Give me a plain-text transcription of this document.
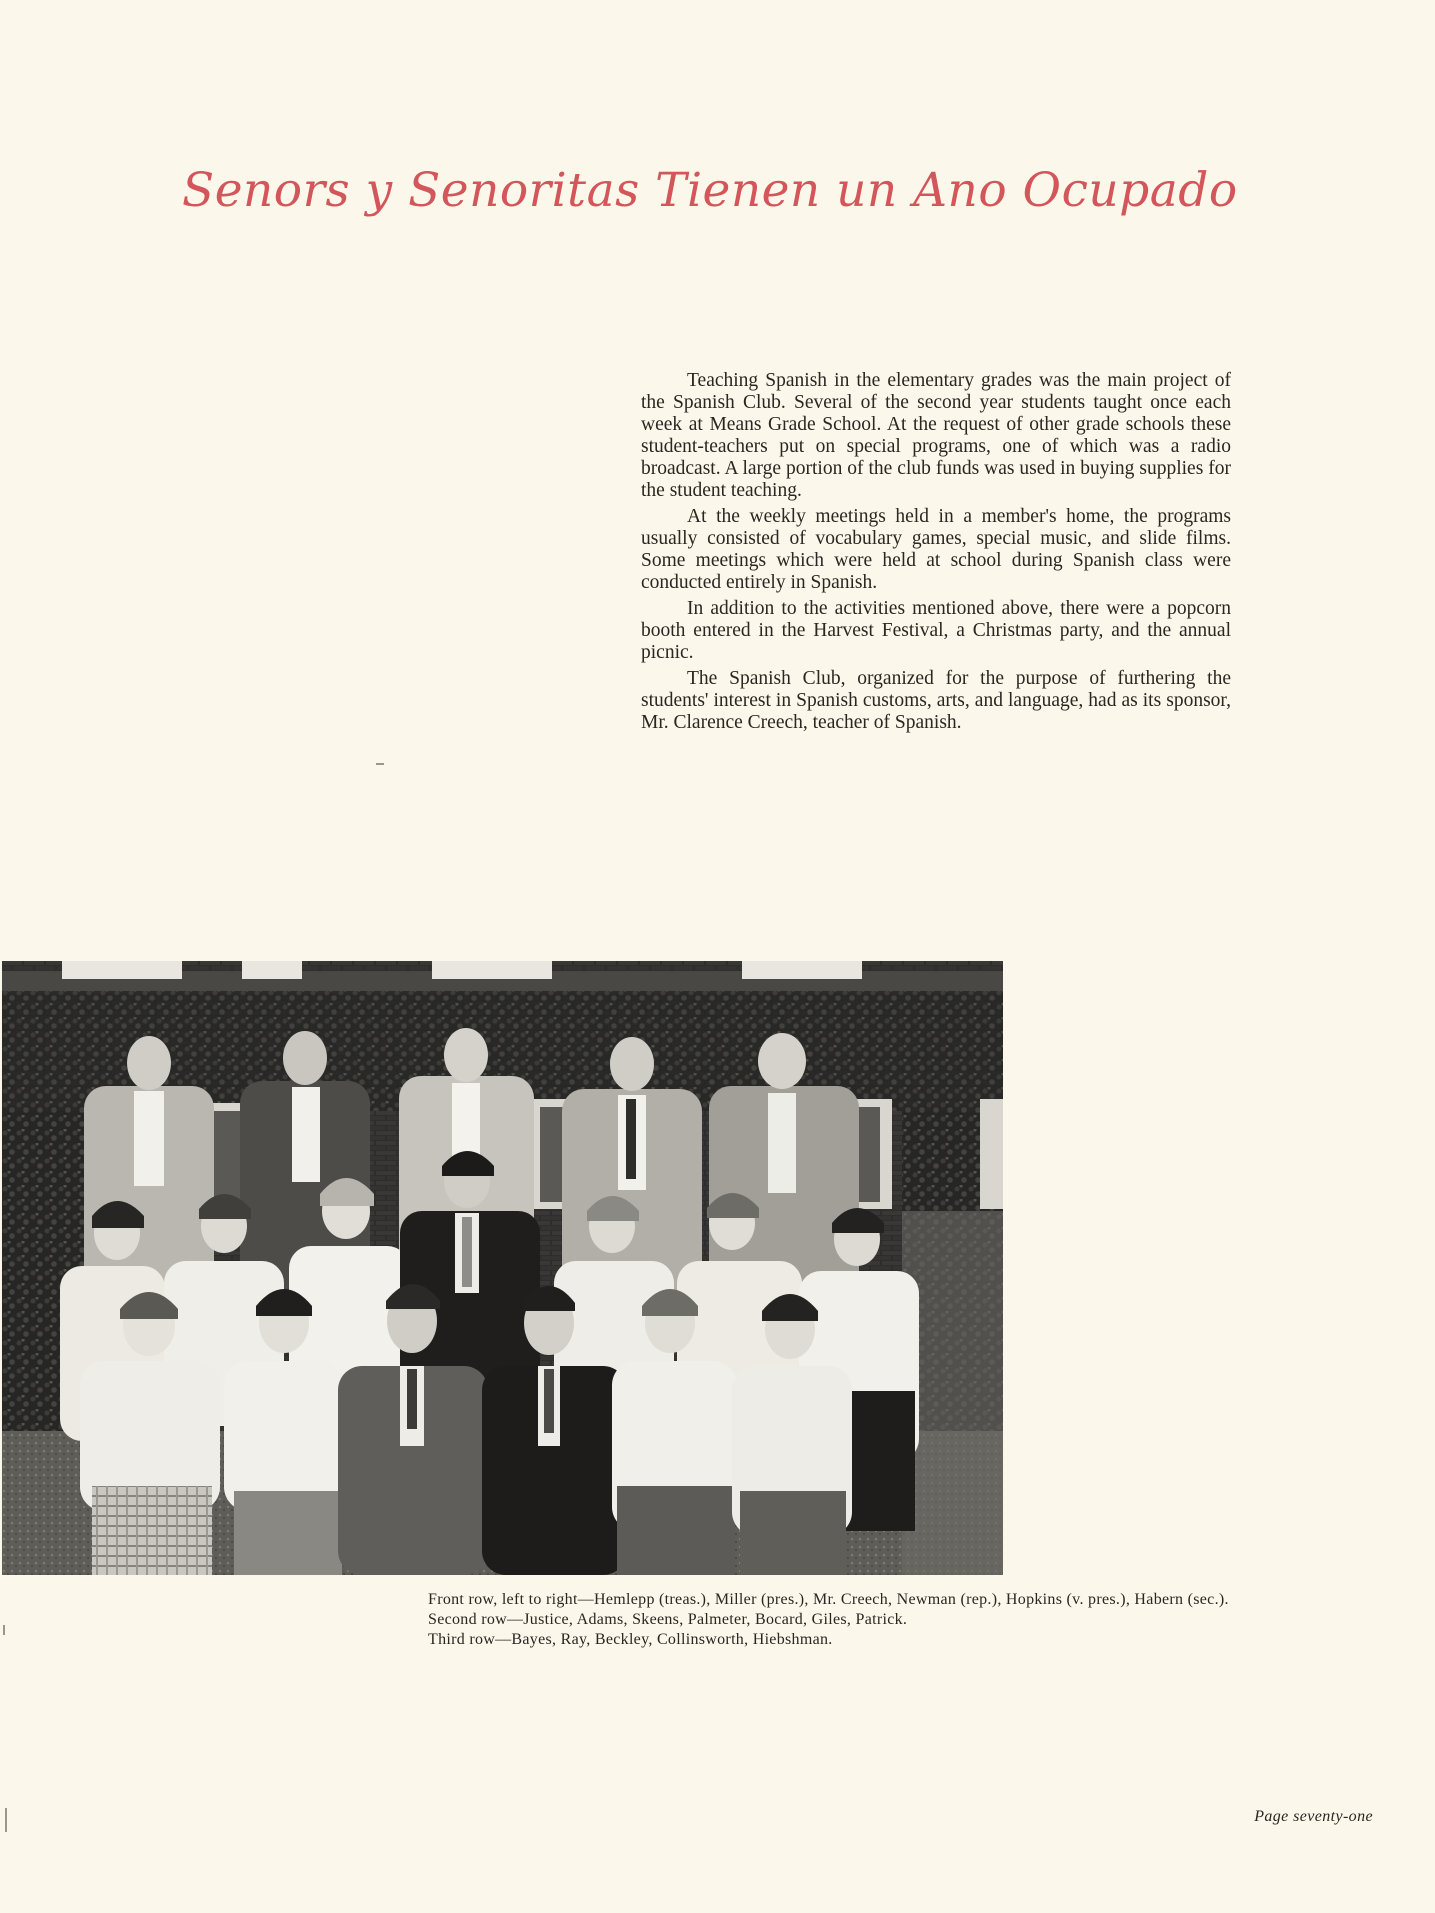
Senors y Senoritas Tienen un Ano Ocupado

Teaching Spanish in the elementary grades was the main project of the Spanish Club. Several of the second year students taught once each week at Means Grade School. At the request of other grade schools these student-teachers put on special programs, one of which was a radio broadcast. A large portion of the club funds was used in buying supplies for the student teaching.

At the weekly meetings held in a member's home, the programs usually consisted of vocabulary games, special music, and slide films. Some meetings which were held at school during Spanish class were conducted entirely in Spanish.

In addition to the activities mentioned above, there were a popcorn booth entered in the Harvest Festival, a Christmas party, and the annual picnic.

The Spanish Club, organized for the purpose of furthering the students' interest in Spanish customs, arts, and language, had as its sponsor, Mr. Clarence Creech, teacher of Spanish.

Front row, left to right—Hemlepp (treas.), Miller (pres.), Mr. Creech, Newman (rep.), Hopkins (v. pres.), Habern (sec.).

Second row—Justice, Adams, Skeens, Palmeter, Bocard, Giles, Patrick.

Third row—Bayes, Ray, Beckley, Collinsworth, Hiebshman.

Page seventy-one
